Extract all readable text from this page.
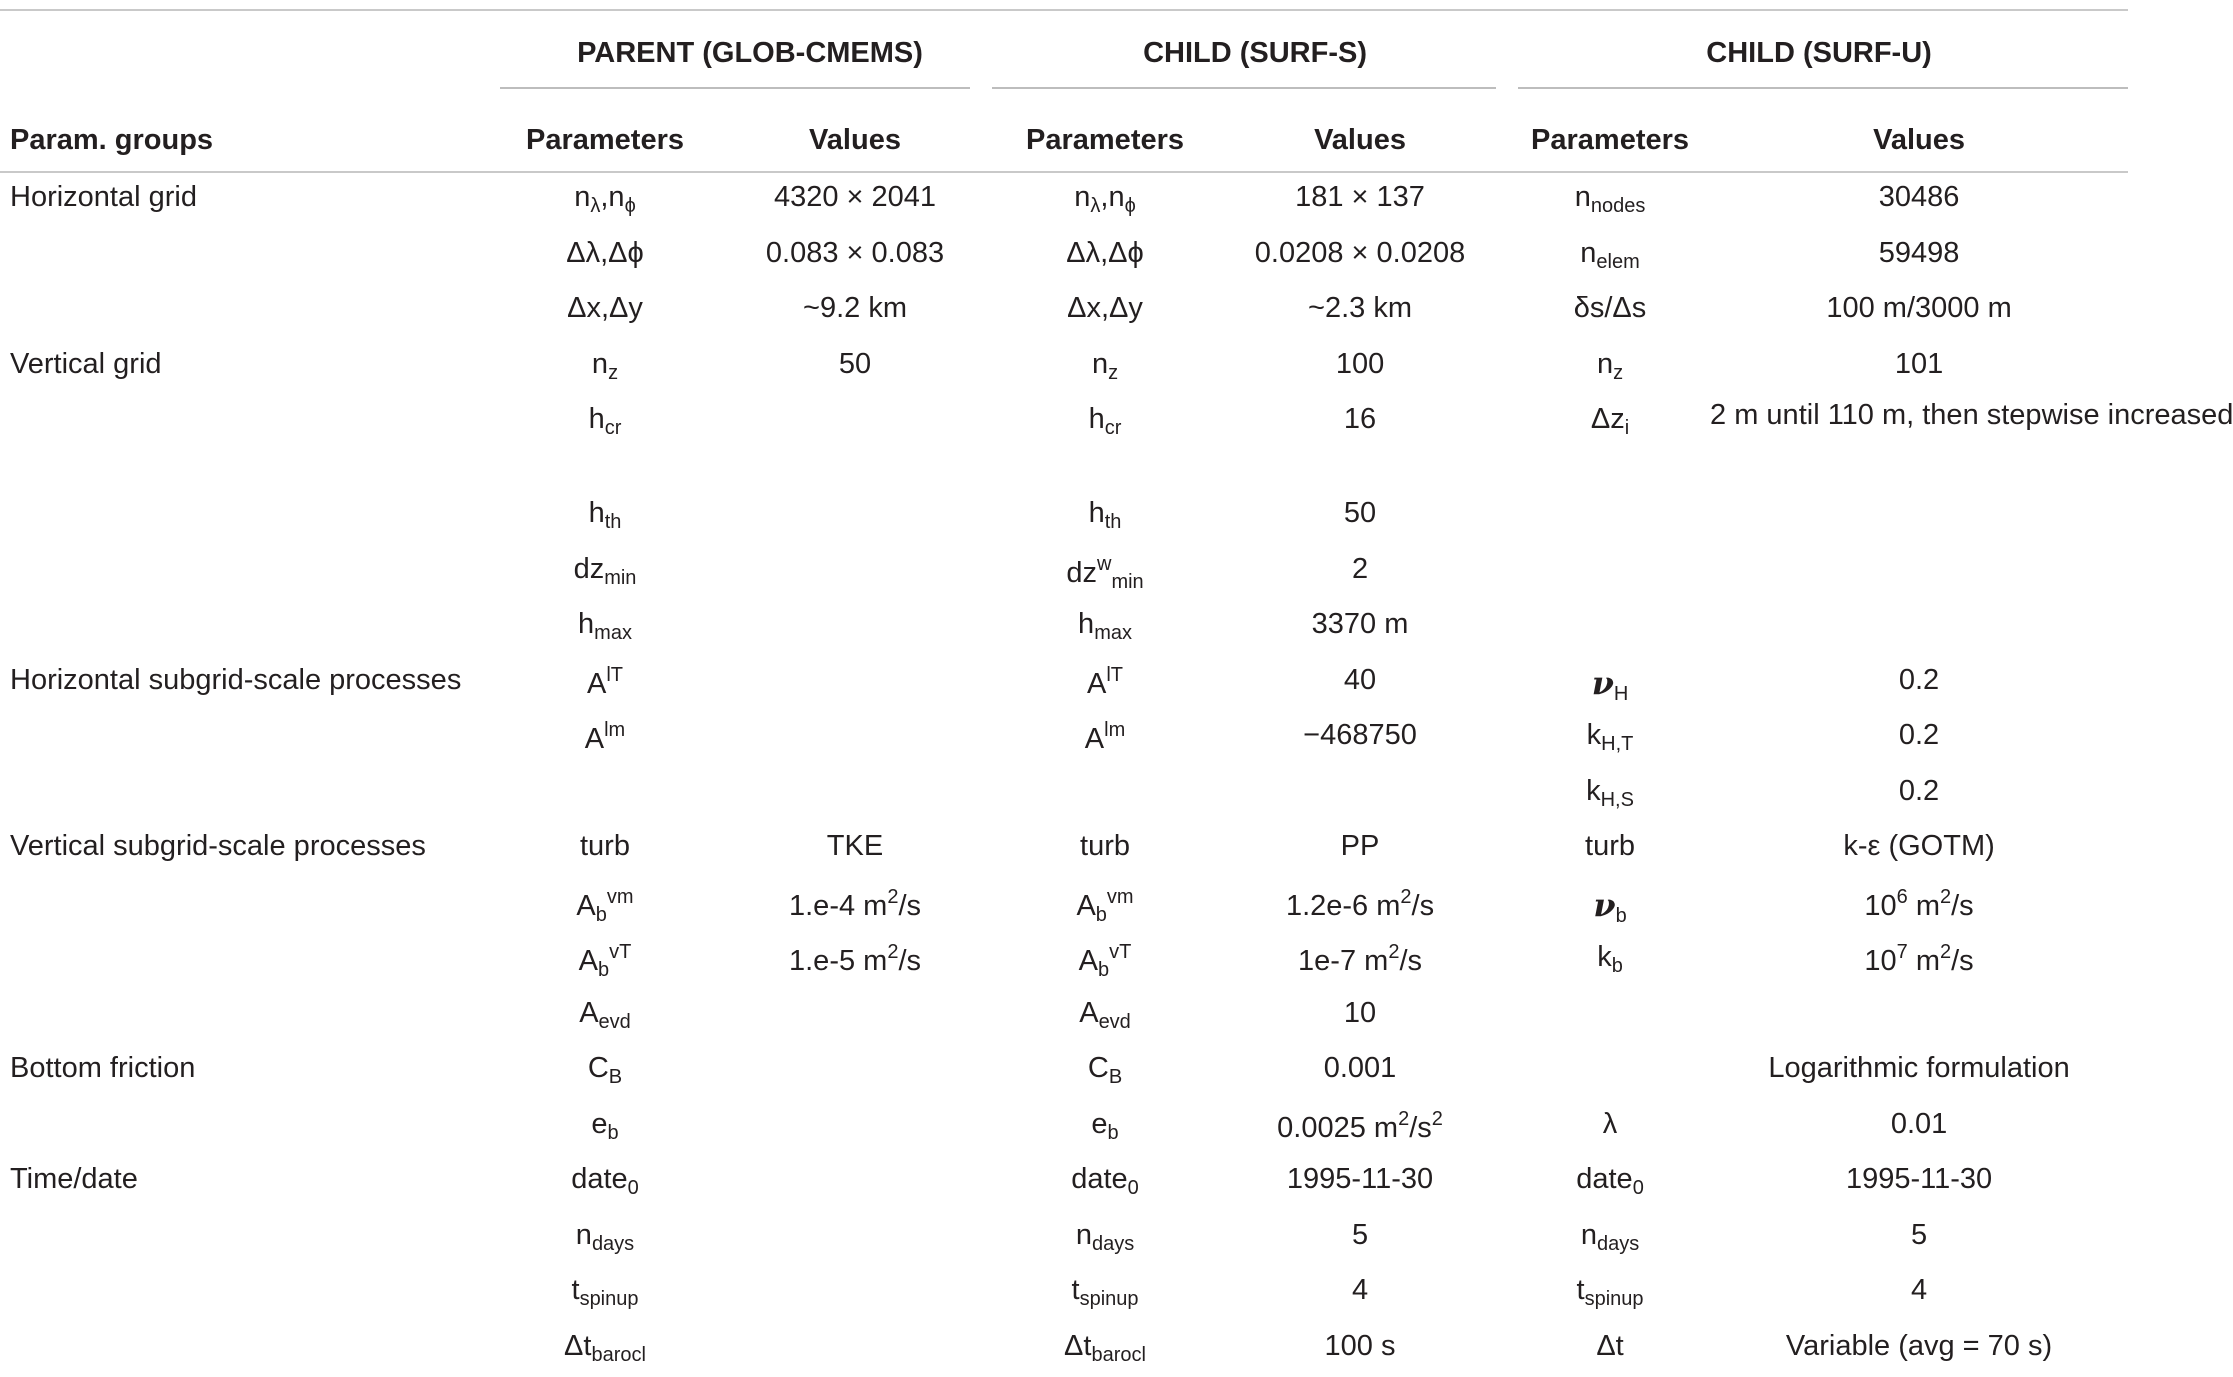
	PARENT (GLOB-CMEMS)		CHILD (SURF-S)		CHILD (SURF-U)	

Param. groups	Parameters	Values	Parameters	Values	Parameters	Values
Horizontal grid	$n_\lambda,n_\phi$	4320 × 2041	$n_\lambda,n_\phi$	181 × 137	$n_{nodes}$	30486
	Δλ,Δϕ	0.083 × 0.083	Δλ,Δϕ	0.0208 × 0.0208	$n_{elem}$	59498
	Δx,Δy	~9.2 km	Δx,Δy	~2.3 km	δs/Δs	100 m/3000 m
Vertical grid	$n_z$	50	$n_z$	100	$n_z$	101
	$h_{cr}$		$h_{cr}$	16	$\Delta z_i$	2 m until 110 m, then stepwise increased
	$h_{th}$		$h_{th}$	50		
	$dz_{min}$		$dz^w_{min}$	2		
	$h_{max}$		$h_{max}$	3370 m		
Horizontal subgrid-scale processes	$A^{lT}$		$A^{lT}$	40	$\nu_H$	0.2
	$A^{lm}$		$A^{lm}$	−468750	$k_{H,T}$	0.2
					$k_{H,S}$	0.2
Vertical subgrid-scale processes	turb	TKE	turb	PP	turb	k-ε (GOTM)
	$A_b^{vm}$	1.e-4 $m^2/s$	$A_b^{vm}$	1.2e-6 $m^2/s$	$\nu_b$	$10^6$ $m^2/s$
	$A_b^{vT}$	1.e-5 $m^2/s$	$A_b^{vT}$	1e-7 $m^2/s$	$k_b$	$10^7$ $m^2/s$
	$A_{evd}$		$A_{evd}$	10		
Bottom friction	$C_B$		$C_B$	0.001		Logarithmic formulation
	$e_b$		$e_b$	0.0025 $m^2/s^2$	λ	0.01
Time/date	date$_0$		date$_0$	1995-11-30	date$_0$	1995-11-30
	$n_{days}$		$n_{days}$	5	$n_{days}$	5
	$t_{spinup}$		$t_{spinup}$	4	$t_{spinup}$	4
	$\Delta t_{barocl}$		$\Delta t_{barocl}$	100 s	Δt	Variable (avg = 70 s)
